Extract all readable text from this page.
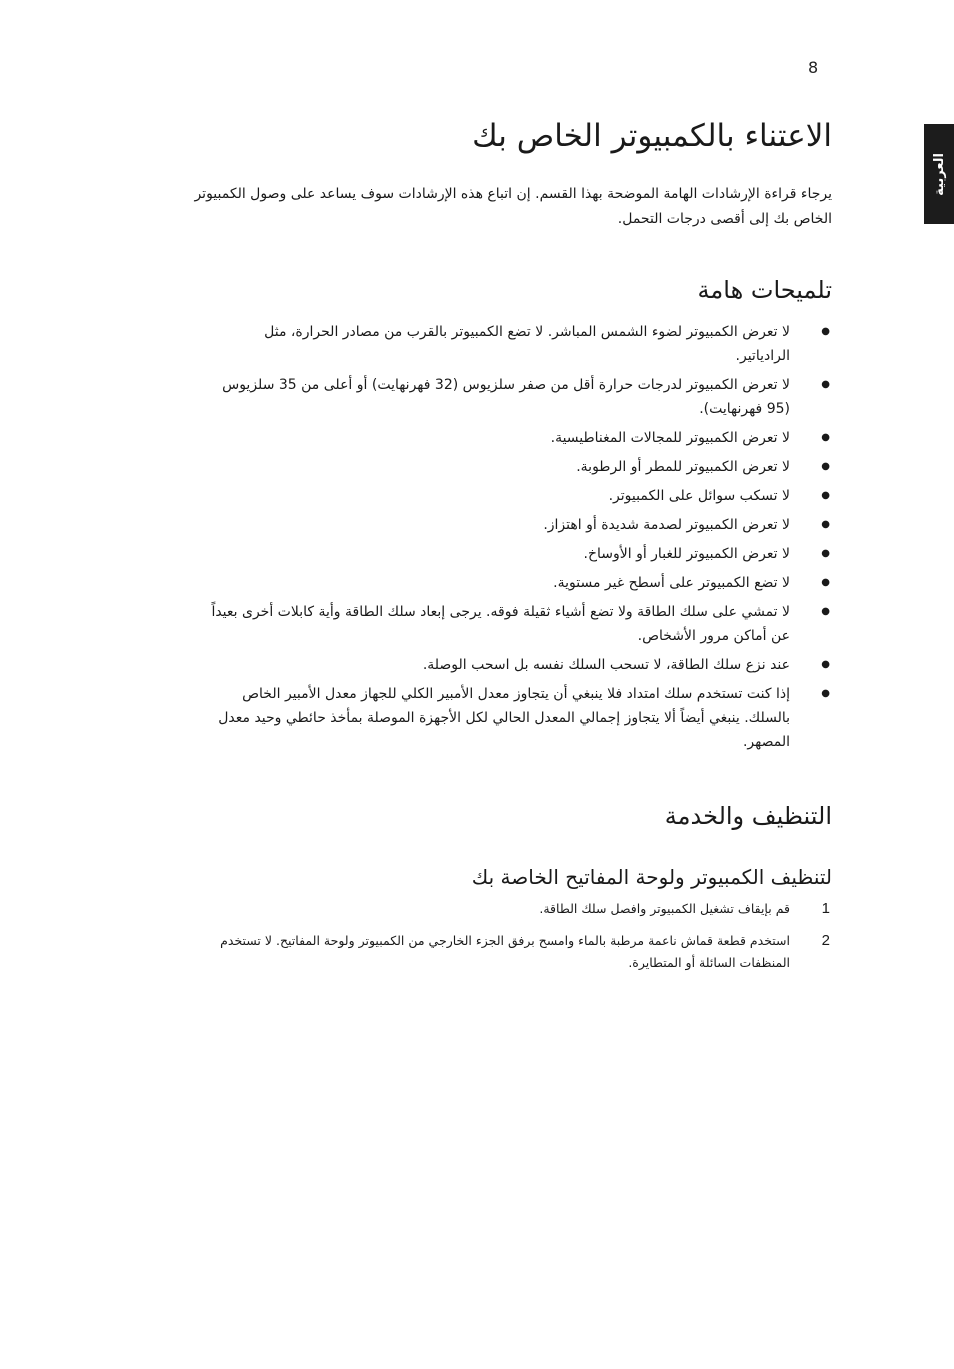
8
العربية
الاعتناء بالكمبيوتر الخاص بك

يرجاء قراءة الإرشادات الهامة الموضحة بهذا القسم. إن اتباع هذه الإرشادات سوف يساعد على وصول الكمبيوتر الخاص بك إلى أقصى درجات التحمل.

تلميحات هامة
●
لا تعرض الكمبيوتر لضوء الشمس المباشر. لا تضع الكمبيوتر بالقرب من مصادر الحرارة، مثل الرادياتير.
●
لا تعرض الكمبيوتر لدرجات حرارة أقل من صفر سلزيوس (32 فهرنهايت) أو أعلى من 35 سلزيوس (95 فهرنهايت).
●
لا تعرض الكمبيوتر للمجالات المغناطيسية.
●
لا تعرض الكمبيوتر للمطر أو الرطوبة.
●
لا تسكب سوائل على الكمبيوتر.
●
لا تعرض الكمبيوتر لصدمة شديدة أو اهتزاز.
●
لا تعرض الكمبيوتر للغبار أو الأوساخ.
●
لا تضع الكمبيوتر على أسطح غير مستوية.
●
لا تمشي على سلك الطاقة ولا تضع أشياء ثقيلة فوقه. يرجى إبعاد سلك الطاقة وأية كابلات أخرى بعيداً عن أماكن مرور الأشخاص.
●
عند نزع سلك الطاقة، لا تسحب السلك نفسه بل اسحب الوصلة.
●
إذا كنت تستخدم سلك امتداد فلا ينبغي أن يتجاوز معدل الأمبير الكلي للجهاز معدل الأمبير الخاص بالسلك. ينبغي أيضاً ألا يتجاوز إجمالي المعدل الحالي لكل الأجهزة الموصلة بمأخذ حائطي وحيد معدل المصهر.
التنظيف والخدمة
لتنظيف الكمبيوتر ولوحة المفاتيح الخاصة بك
1
قم بإيقاف تشغيل الكمبيوتر وافصل سلك الطاقة.
2
استخدم قطعة قماش ناعمة مرطبة بالماء وامسح برفق الجزء الخارجي من الكمبيوتر ولوحة المفاتيح. لا تستخدم المنظفات السائلة أو المتطايرة.
